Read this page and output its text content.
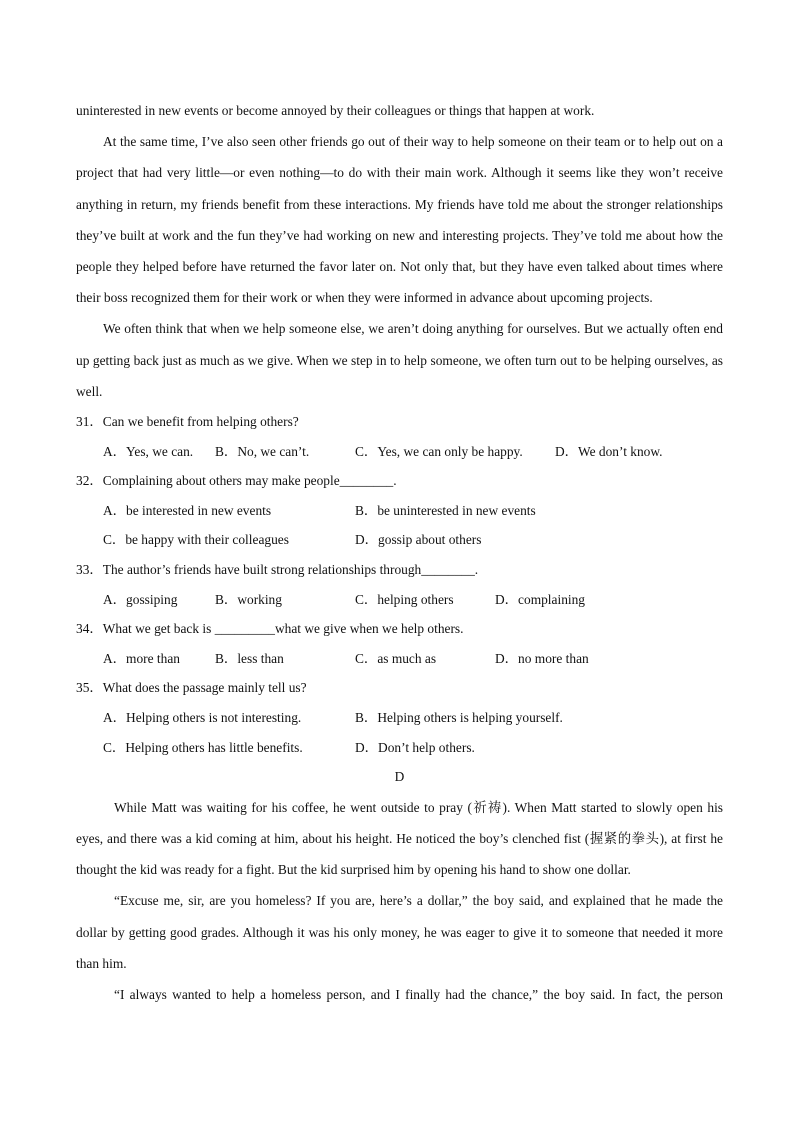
uninterested in new events or become annoyed by their colleagues or things that happen at work.

At the same time, I’ve also seen other friends go out of their way to help someone on their team or to help out on a project that had very little—or even nothing—to do with their main work. Although it seems like they won’t receive anything in return, my friends benefit from these interactions. My friends have told me about the stronger relationships they’ve built at work and the fun they’ve had working on new and interesting projects. They’ve told me about how the people they helped before have returned the favor later on. Not only that, but they have even talked about times where their boss recognized them for their work or when they were informed in advance about upcoming projects.

We often think that when we help someone else, we aren’t doing anything for ourselves. But we actually often end up getting back just as much as we give. When we step in to help someone, we often turn out to be helping ourselves, as well.

31．Can we benefit from helping others?

A．Yes, we can. B．No, we can’t.	C．Yes, we can only be happy. D．We don’t know.

32．Complaining about others may make people________.

A．be interested in new events	B．be uninterested in new events
C．be happy with their colleagues	D．gossip about others

33．The author’s friends have built strong relationships through________.

A．gossiping	B．working	C．helping others	D．complaining

34．What we get back is _________what we give when we help others.

A．more than	B．less than	C．as much as	D．no more than

35．What does the passage mainly tell us?

A．Helping others is not interesting.	B．Helping others is helping yourself.
C．Helping others has little benefits.	D．Don’t help others.

D

While Matt was waiting for his coffee, he went outside to pray (祈祷). When Matt started to slowly open his eyes, and there was a kid coming at him, about his height. He noticed the boy’s clenched fist (握紧的拳头), at first he thought the kid was ready for a fight. But the kid surprised him by opening his hand to show one dollar.

“Excuse me, sir, are you homeless? If you are, here’s a dollar,” the boy said, and explained that he made the dollar by getting good grades. Although it was his only money, he was eager to give it to someone that needed it more than him.

“I always wanted to help a homeless person, and I finally had the chance,” the boy said. In fact, the person
